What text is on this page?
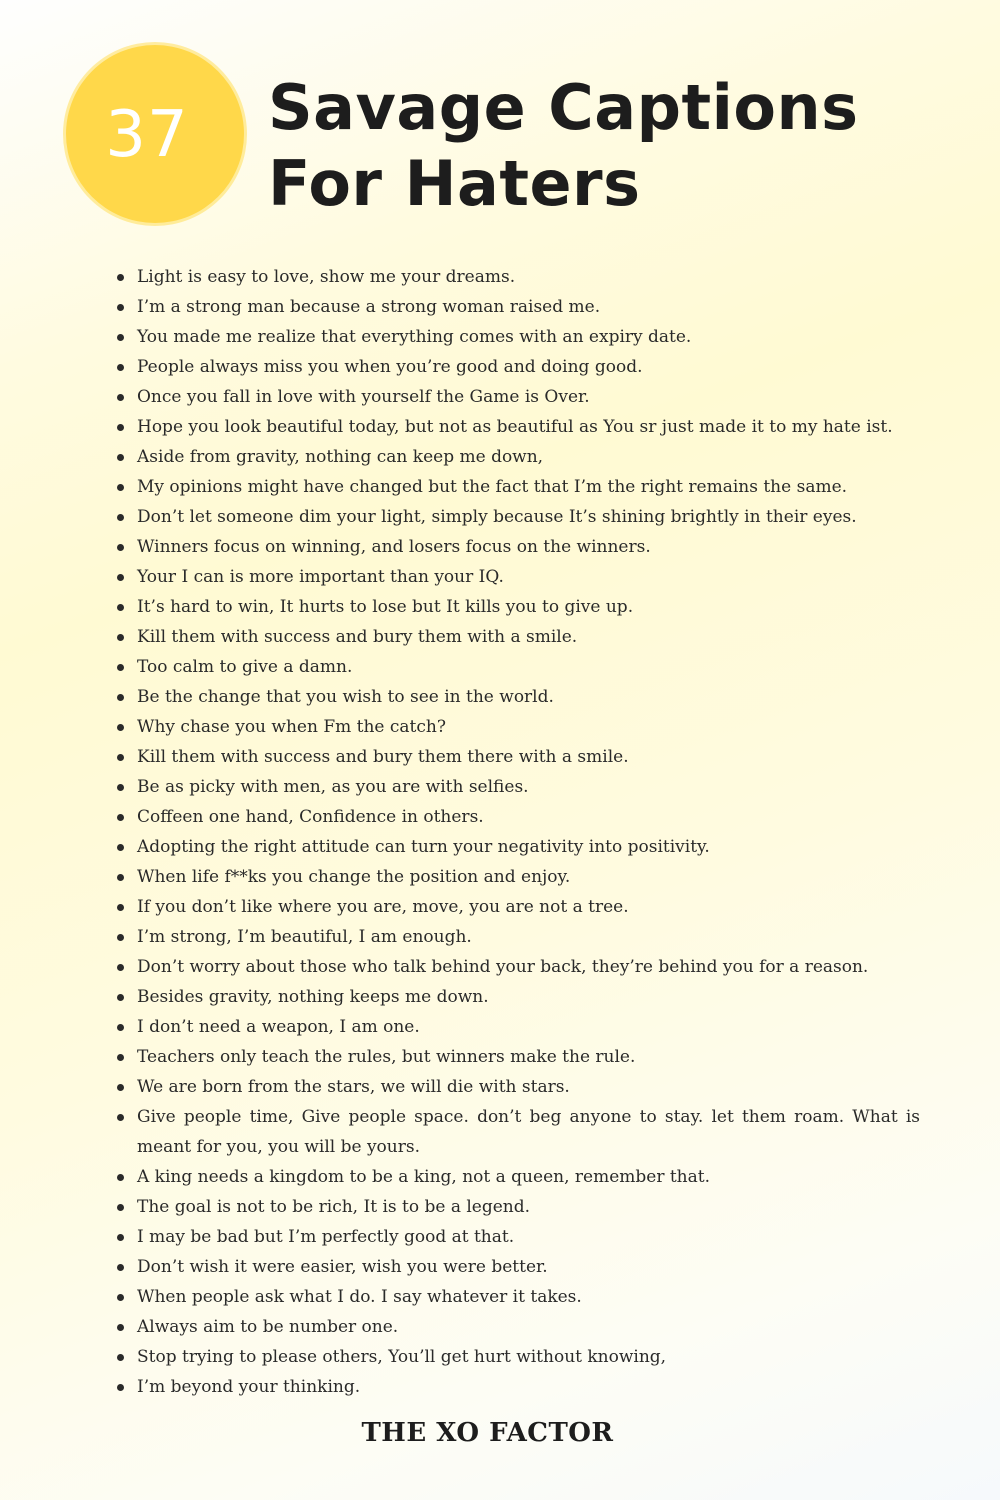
37	Savage Captions
For Haters
Light is easy to love, show me your dreams.
I’m a strong man because a strong woman raised me.
You made me realize that everything comes with an expiry date.
People always miss you when you’re good and doing good.
Once you fall in love with yourself the Game is Over.
Hope you look beautiful today, but not as beautiful as You sr just made it to my hate ist.
Aside from gravity, nothing can keep me down,
My opinions might have changed but the fact that I’m the right remains the same.
Don’t let someone dim your light, simply because It’s shining brightly in their eyes.
Winners focus on winning, and losers focus on the winners.
Your I can is more important than your IQ.
It’s hard to win, It hurts to lose but It kills you to give up.
Kill them with success and bury them with a smile.
Too calm to give a damn.
Be the change that you wish to see in the world.
Why chase you when Fm the catch?
Kill them with success and bury them there with a smile.
Be as picky with men, as you are with selfies.
Coffeen one hand, Confidence in others.
Adopting the right attitude can turn your negativity into positivity.
When life f**ks you change the position and enjoy.
If you don’t like where you are, move, you are not a tree.
I’m strong, I’m beautiful, I am enough.
Don’t worry about those who talk behind your back, they’re behind you for a reason.
Besides gravity, nothing keeps me down.
I don’t need a weapon, I am one.
Teachers only teach the rules, but winners make the rule.
We are born from the stars, we will die with stars.
Give people time, Give people space. don’t beg anyone to stay. let them roam. What is meant for you, you will be yours.
A king needs a kingdom to be a king, not a queen, remember that.
The goal is not to be rich, It is to be a legend.
I may be bad but I’m perfectly good at that.
Don’t wish it were easier, wish you were better.
When people ask what I do. I say whatever it takes.
Always aim to be number one.
Stop trying to please others, You’ll get hurt without knowing,
I’m beyond your thinking.
THE XO FACTOR
